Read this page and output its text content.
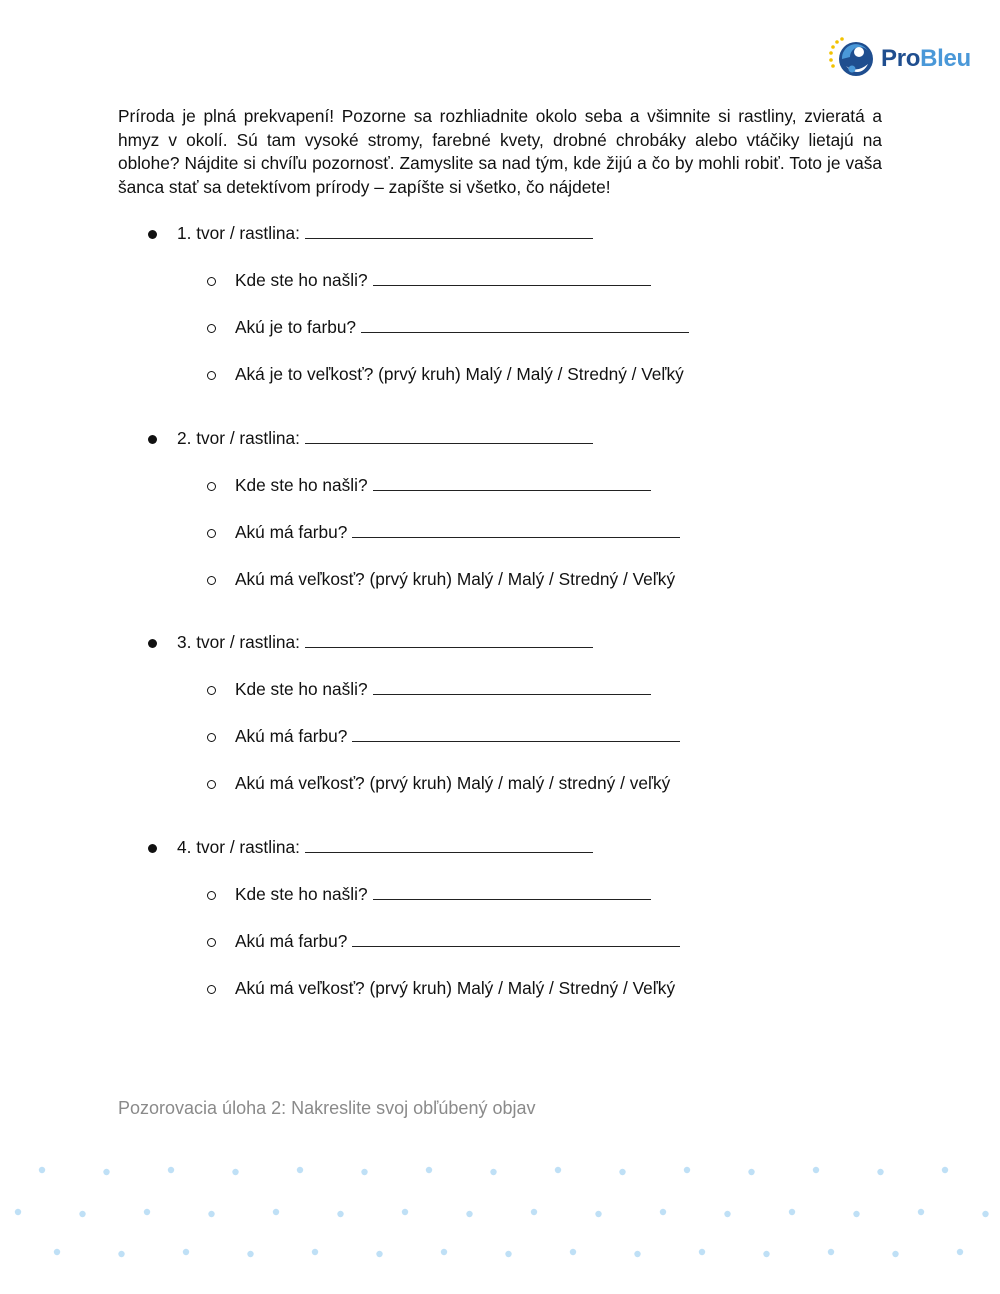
ProBleu

Príroda je plná prekvapení! Pozorne sa rozhliadnite okolo seba a všimnite si rastliny, zvieratá a hmyz v okolí. Sú tam vysoké stromy, farebné kvety, drobné chrobáky alebo vtáčiky lietajú na oblohe? Nájdite si chvíľu pozornosť. Zamyslite sa nad tým, kde žijú a čo by mohli robiť. Toto je vaša šanca stať sa detektívom prírody – zapíšte si všetko, čo nájdete!

1. tvor / rastlina:
Kde ste ho našli?
Akú je to farbu?
Aká je to veľkosť? (prvý kruh) Malý / Malý / Stredný / Veľký
2. tvor / rastlina:
Kde ste ho našli?
Akú má farbu?
Akú má veľkosť? (prvý kruh) Malý / Malý / Stredný / Veľký
3. tvor / rastlina:
Kde ste ho našli?
Akú má farbu?
Akú má veľkosť? (prvý kruh) Malý / malý / stredný / veľký
4. tvor / rastlina:
Kde ste ho našli?
Akú má farbu?
Akú má veľkosť? (prvý kruh) Malý / Malý / Stredný / Veľký
Pozorovacia úloha 2: Nakreslite svoj obľúbený objav
